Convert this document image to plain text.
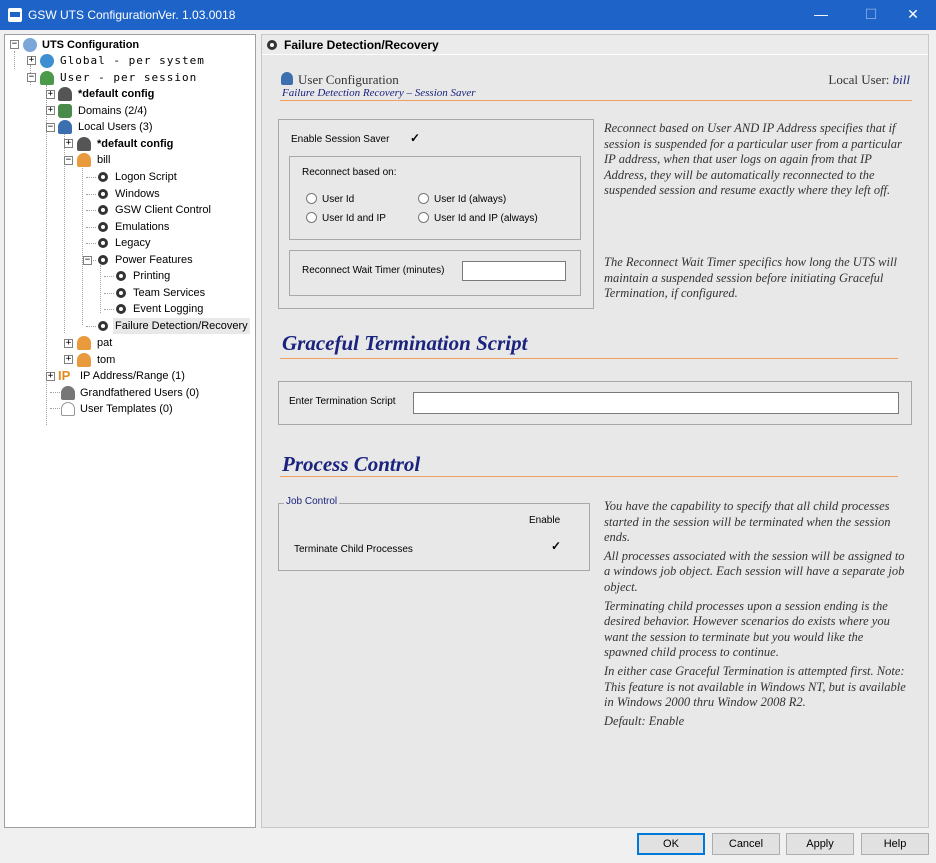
GSW UTS Configuration Ver. 1.03.0018	—	☐	✕
− UTS Configuration
+ Global - per system
− User - per session
+ *default config
+ Domains (2/4)
− Local Users (3)
+ *default config
− bill
Logon Script
Windows
GSW Client Control
Emulations
Legacy
− Power Features
Printing
Team Services
Event Logging
Failure Detection/Recovery
+ pat
+ tom
+ IP IP Address/Range (1)
Grandfathered Users (0)
User Templates (0)
Failure Detection/Recovery
User Configuration	Local User: bill
Failure Detection Recovery – Session Saver
Enable Session Saver ✓
Reconnect based on:
User Id	User Id (always)
User Id and IP	User Id and IP (always)
Reconnect Wait Timer (minutes)
Reconnect based on User AND IP Address specifies that if session is suspended for a particular user from a particular IP address, when that user logs on again from that IP Address, they will be automatically reconnected to the suspended session and resume exactly where they left off.
The Reconnect Wait Timer specifics how long the UTS will maintain a suspended session before initiating Graceful Termination, if configured.
Graceful Termination Script
Enter Termination Script
Process Control
Enable
Terminate Child Processes	✓
Job Control	You have the capability to specify that all child processes started in the session will be terminated when the session ends.
All processes associated with the session will be assigned to a windows job object. Each session will have a separate job object.
Terminating child processes upon a session ending is the desired behavior. However scenarios do exists where you want the session to terminate but you would like the spawned child process to continue.
In either case Graceful Termination is attempted first. Note: This feature is not available in Windows NT, but is available in Windows 2000 thru Window 2008 R2.
Default: Enable
OK	Cancel	Apply	Help
